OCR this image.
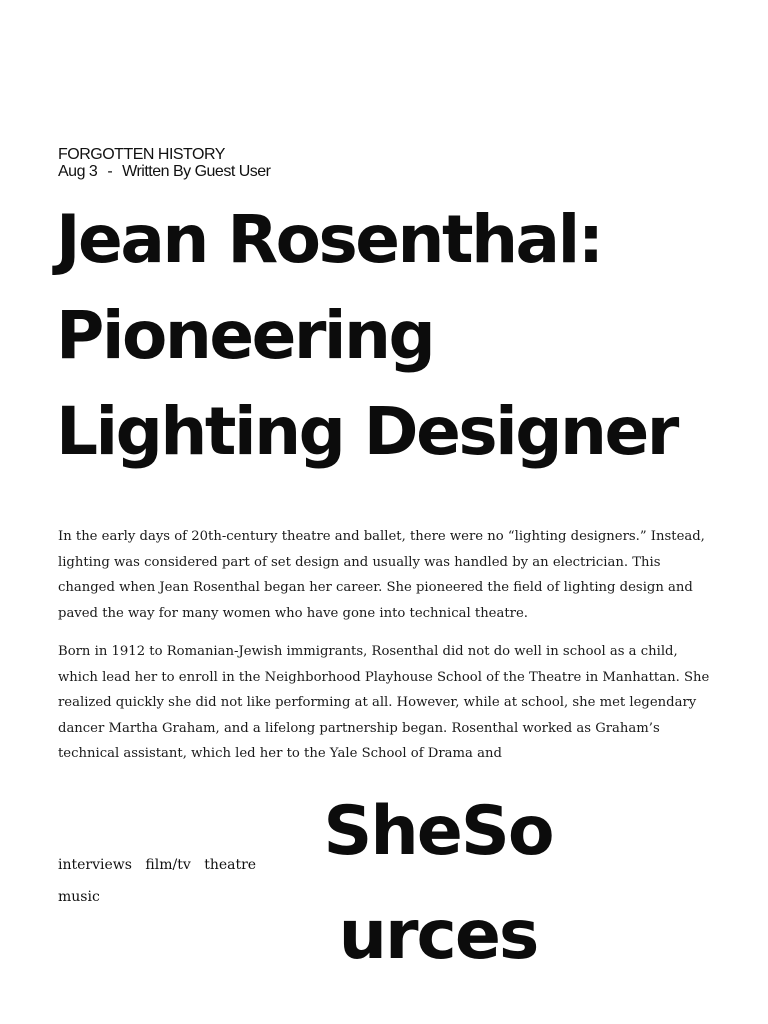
FORGOTTEN HISTORY
Aug 3 - Written By Guest User
Jean Rosenthal:
Pioneering
Lighting Designer

In the early days of 20th-century theatre and ballet, there were no “lighting designers.” Instead, lighting was considered part of set design and usually was handled by an electrician. This changed when Jean Rosenthal began her career. She pioneered the field of lighting design and paved the way for many women who have gone into technical theatre.

Born in 1912 to Romanian-Jewish immigrants, Rosenthal did not do well in school as a child, which lead her to enroll in the Neighborhood Playhouse School of the Theatre in Manhattan. She realized quickly she did not like performing at all. However, while at school, she met legendary dancer Martha Graham, and a lifelong partnership began. Rosenthal worked as Graham’s technical assistant, which led her to the Yale School of Drama and

interviews film/tv theatre music
SheSo
urces
